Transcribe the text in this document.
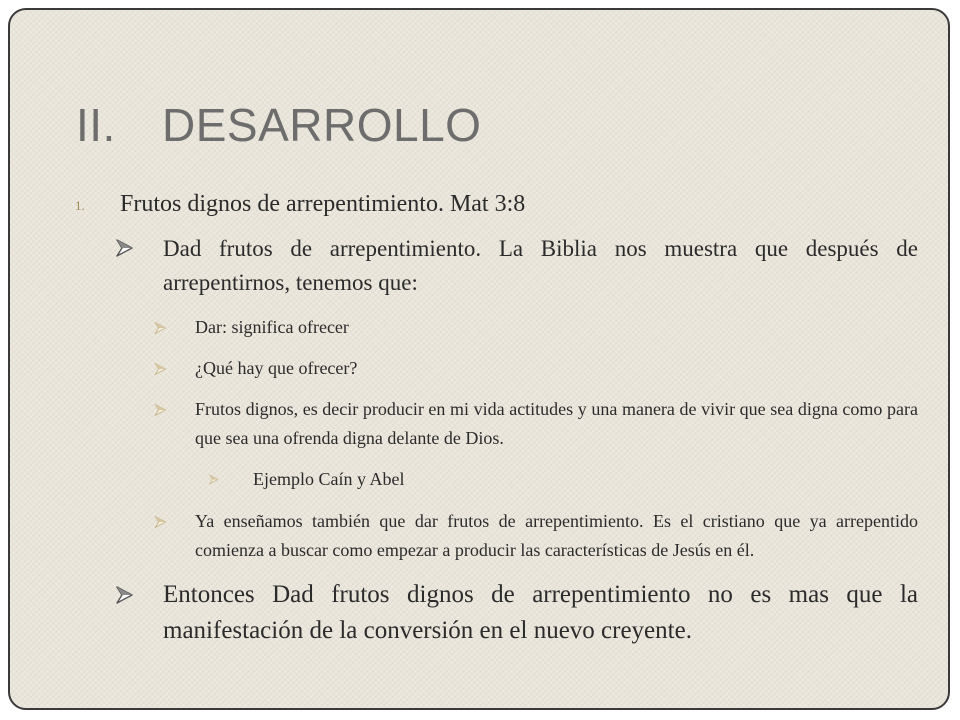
II. DESARROLLO
1. Frutos dignos de arrepentimiento. Mat 3:8
Dad frutos de arrepentimiento. La Biblia nos muestra que después de arrepentirnos, tenemos que:
Dar: significa ofrecer
¿Qué hay que ofrecer?
Frutos dignos, es decir producir en mi vida actitudes y una manera de vivir que sea digna como para que sea una ofrenda digna delante de Dios.
Ejemplo Caín y Abel
Ya enseñamos también que dar frutos de arrepentimiento. Es el cristiano que ya arrepentido comienza a buscar como empezar a producir las características de Jesús en él.
Entonces Dad frutos dignos de arrepentimiento no es mas que la manifestación de la conversión en el nuevo creyente.
